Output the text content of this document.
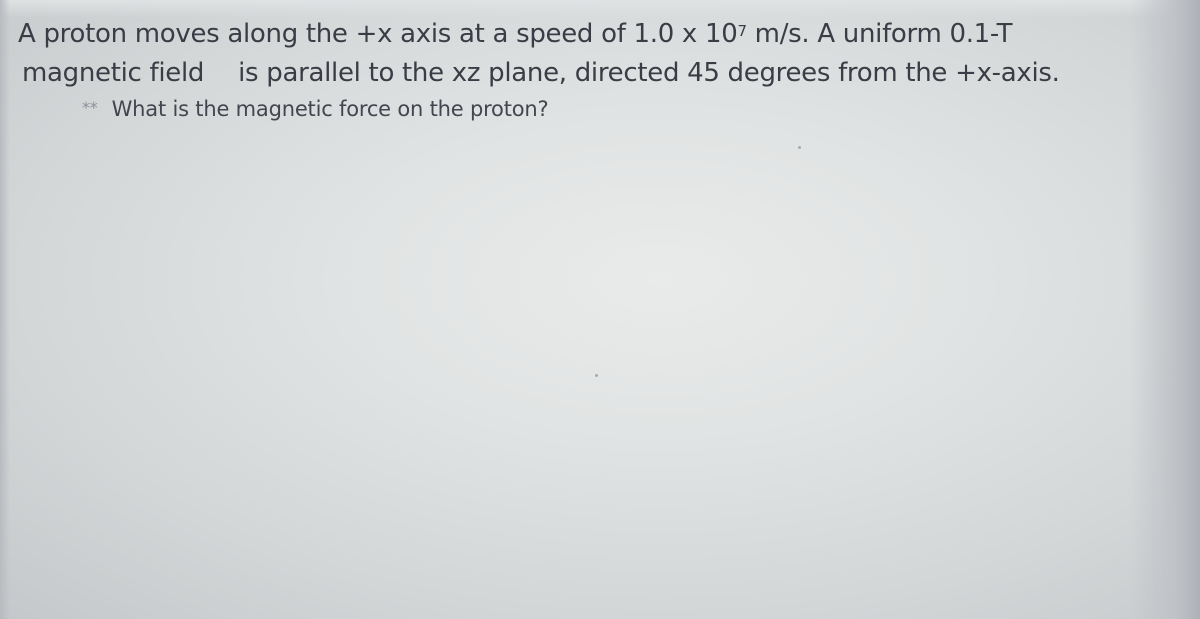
A proton moves along the +x axis at a speed of 1.0 x $10^7$ m/s. A uniform 0.1-T
magnetic field is parallel to the xz plane, directed 45 degrees from the +x-axis.
** What is the magnetic force on the proton?
